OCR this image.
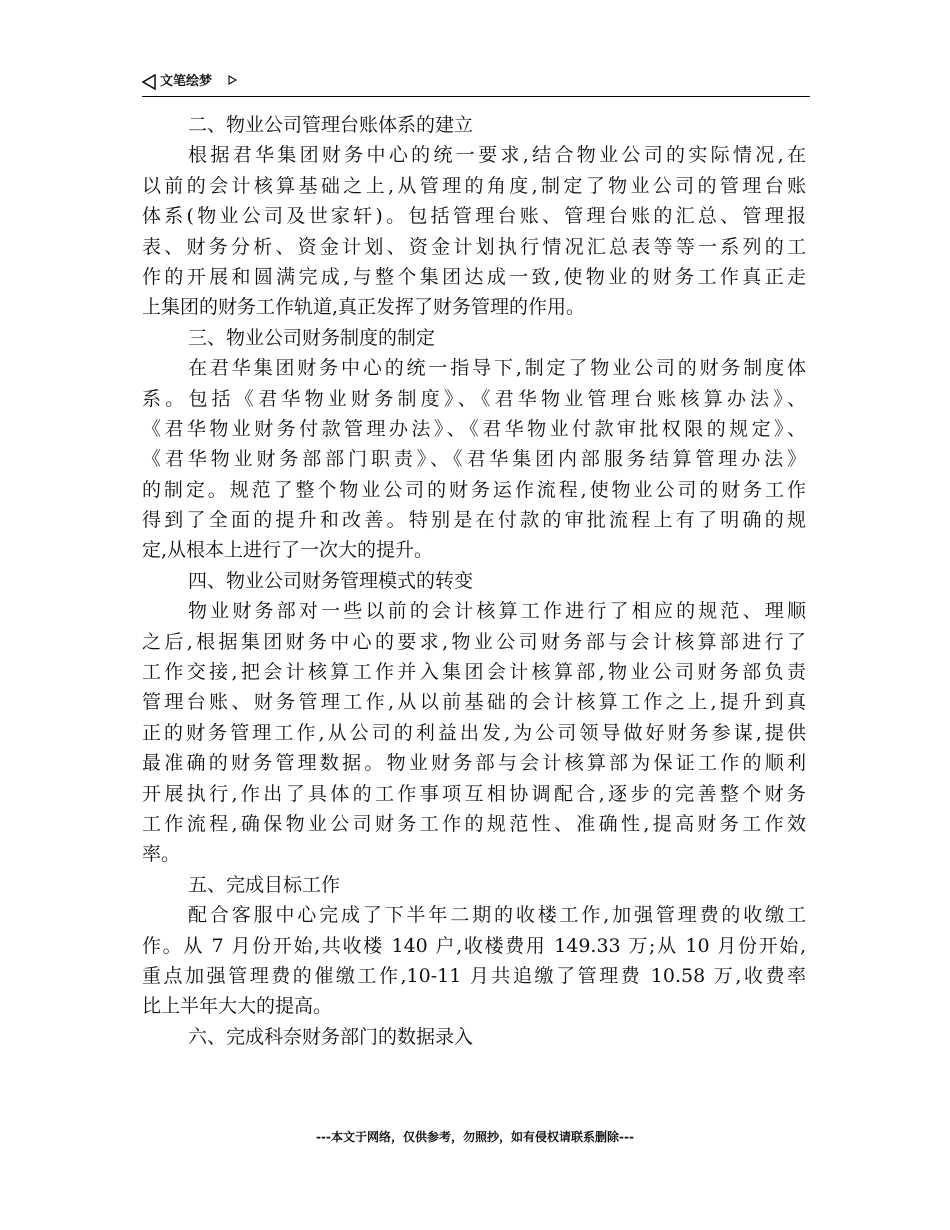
文笔绘梦
二、物业公司管理台账体系的建立
根据君华集团财务中心的统一要求,结合物业公司的实际情况,在
以前的会计核算基础之上,从管理的角度,制定了物业公司的管理台账
体系(物业公司及世家轩)。包括管理台账、管理台账的汇总、管理报
表、财务分析、资金计划、资金计划执行情况汇总表等等一系列的工
作的开展和圆满完成,与整个集团达成一致,使物业的财务工作真正走
上集团的财务工作轨道,真正发挥了财务管理的作用。
三、物业公司财务制度的制定
在君华集团财务中心的统一指导下,制定了物业公司的财务制度体
系。包括《君华物业财务制度》、《君华物业管理台账核算办法》、
《君华物业财务付款管理办法》、《君华物业付款审批权限的规定》、
《君华物业财务部部门职责》、《君华集团内部服务结算管理办法》
的制定。规范了整个物业公司的财务运作流程,使物业公司的财务工作
得到了全面的提升和改善。特别是在付款的审批流程上有了明确的规
定,从根本上进行了一次大的提升。
四、物业公司财务管理模式的转变
物业财务部对一些以前的会计核算工作进行了相应的规范、理顺
之后,根据集团财务中心的要求,物业公司财务部与会计核算部进行了
工作交接,把会计核算工作并入集团会计核算部,物业公司财务部负责
管理台账、财务管理工作,从以前基础的会计核算工作之上,提升到真
正的财务管理工作,从公司的利益出发,为公司领导做好财务参谋,提供
最准确的财务管理数据。物业财务部与会计核算部为保证工作的顺利
开展执行,作出了具体的工作事项互相协调配合,逐步的完善整个财务
工作流程,确保物业公司财务工作的规范性、准确性,提高财务工作效
率。
五、完成目标工作
配合客服中心完成了下半年二期的收楼工作,加强管理费的收缴工
作。从 7 月份开始,共收楼 140 户,收楼费用 149.33 万;从 10 月份开始,
重点加强管理费的催缴工作,10-11 月共追缴了管理费 10.58 万,收费率
比上半年大大的提高。
六、完成科奈财务部门的数据录入
---本文于网络，仅供参考，勿照抄，如有侵权请联系删除---
